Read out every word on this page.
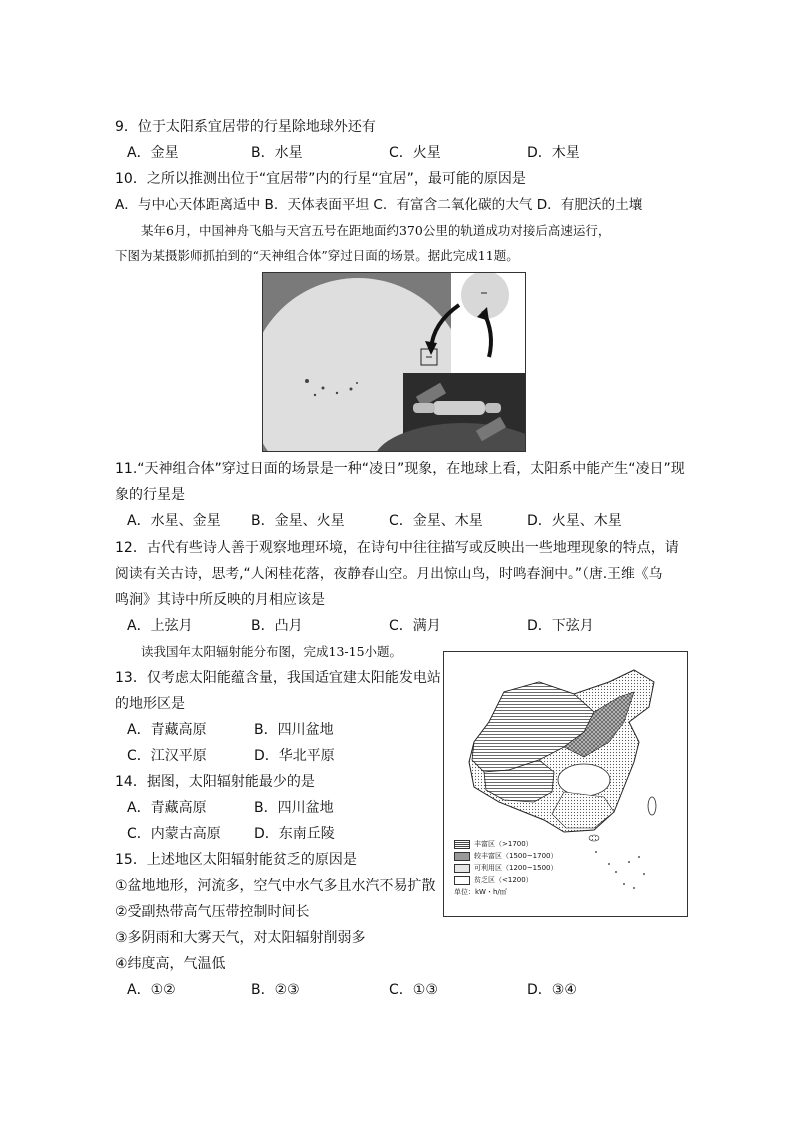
9．位于太阳系宜居带的行星除地球外还有
A．金星	B．水星	C．火星	D．木星
10．之所以推测出位于“宜居带”内的行星“宜居”，最可能的原因是
A．与中心天体距离适中 B．天体表面平坦 C．有富含二氧化碳的大气 D．有肥沃的土壤
某年6月，中国神舟飞船与天宫五号在距地面约370公里的轨道成功对接后高速运行，
下图为某摄影师抓拍到的“天神组合体”穿过日面的场景。据此完成11题。
11.“天神组合体”穿过日面的场景是一种“凌日”现象，在地球上看，太阳系中能产生“凌日”现
象的行星是
A．水星、金星 B．金星、火星	C．金星、木星	D．火星、木星
12．古代有些诗人善于观察地理环境，在诗句中往往描写或反映出一些地理现象的特点，请
阅读有关古诗，思考,“人闲桂花落，夜静春山空。月出惊山鸟，时鸣春涧中。”（唐.王维《乌
鸣涧》其诗中所反映的月相应该是
A．上弦月	B．凸月	C．满月	D．下弦月
读我国年太阳辐射能分布图，完成13-15小题。
13．仅考虑太阳能蕴含量，我国适宜建太阳能发电站
的地形区是
A．青藏高原	B．四川盆地
C．江汉平原	D．华北平原
14．据图，太阳辐射能最少的是
A．青藏高原	B．四川盆地
C．内蒙古高原 D．东南丘陵
15．上述地区太阳辐射能贫乏的原因是
①盆地地形，河流多，空气中水气多且水汽不易扩散
②受副热带高气压带控制时间长
③多阴雨和大雾天气，对太阳辐射削弱多
④纬度高，气温低
A．①②	B．②③	C．①③	D．③④
丰富区（>1700）
较丰富区（1500~1700）
可利用区（1200~1500）
贫乏区（<1200）
单位：kW・h/㎡
